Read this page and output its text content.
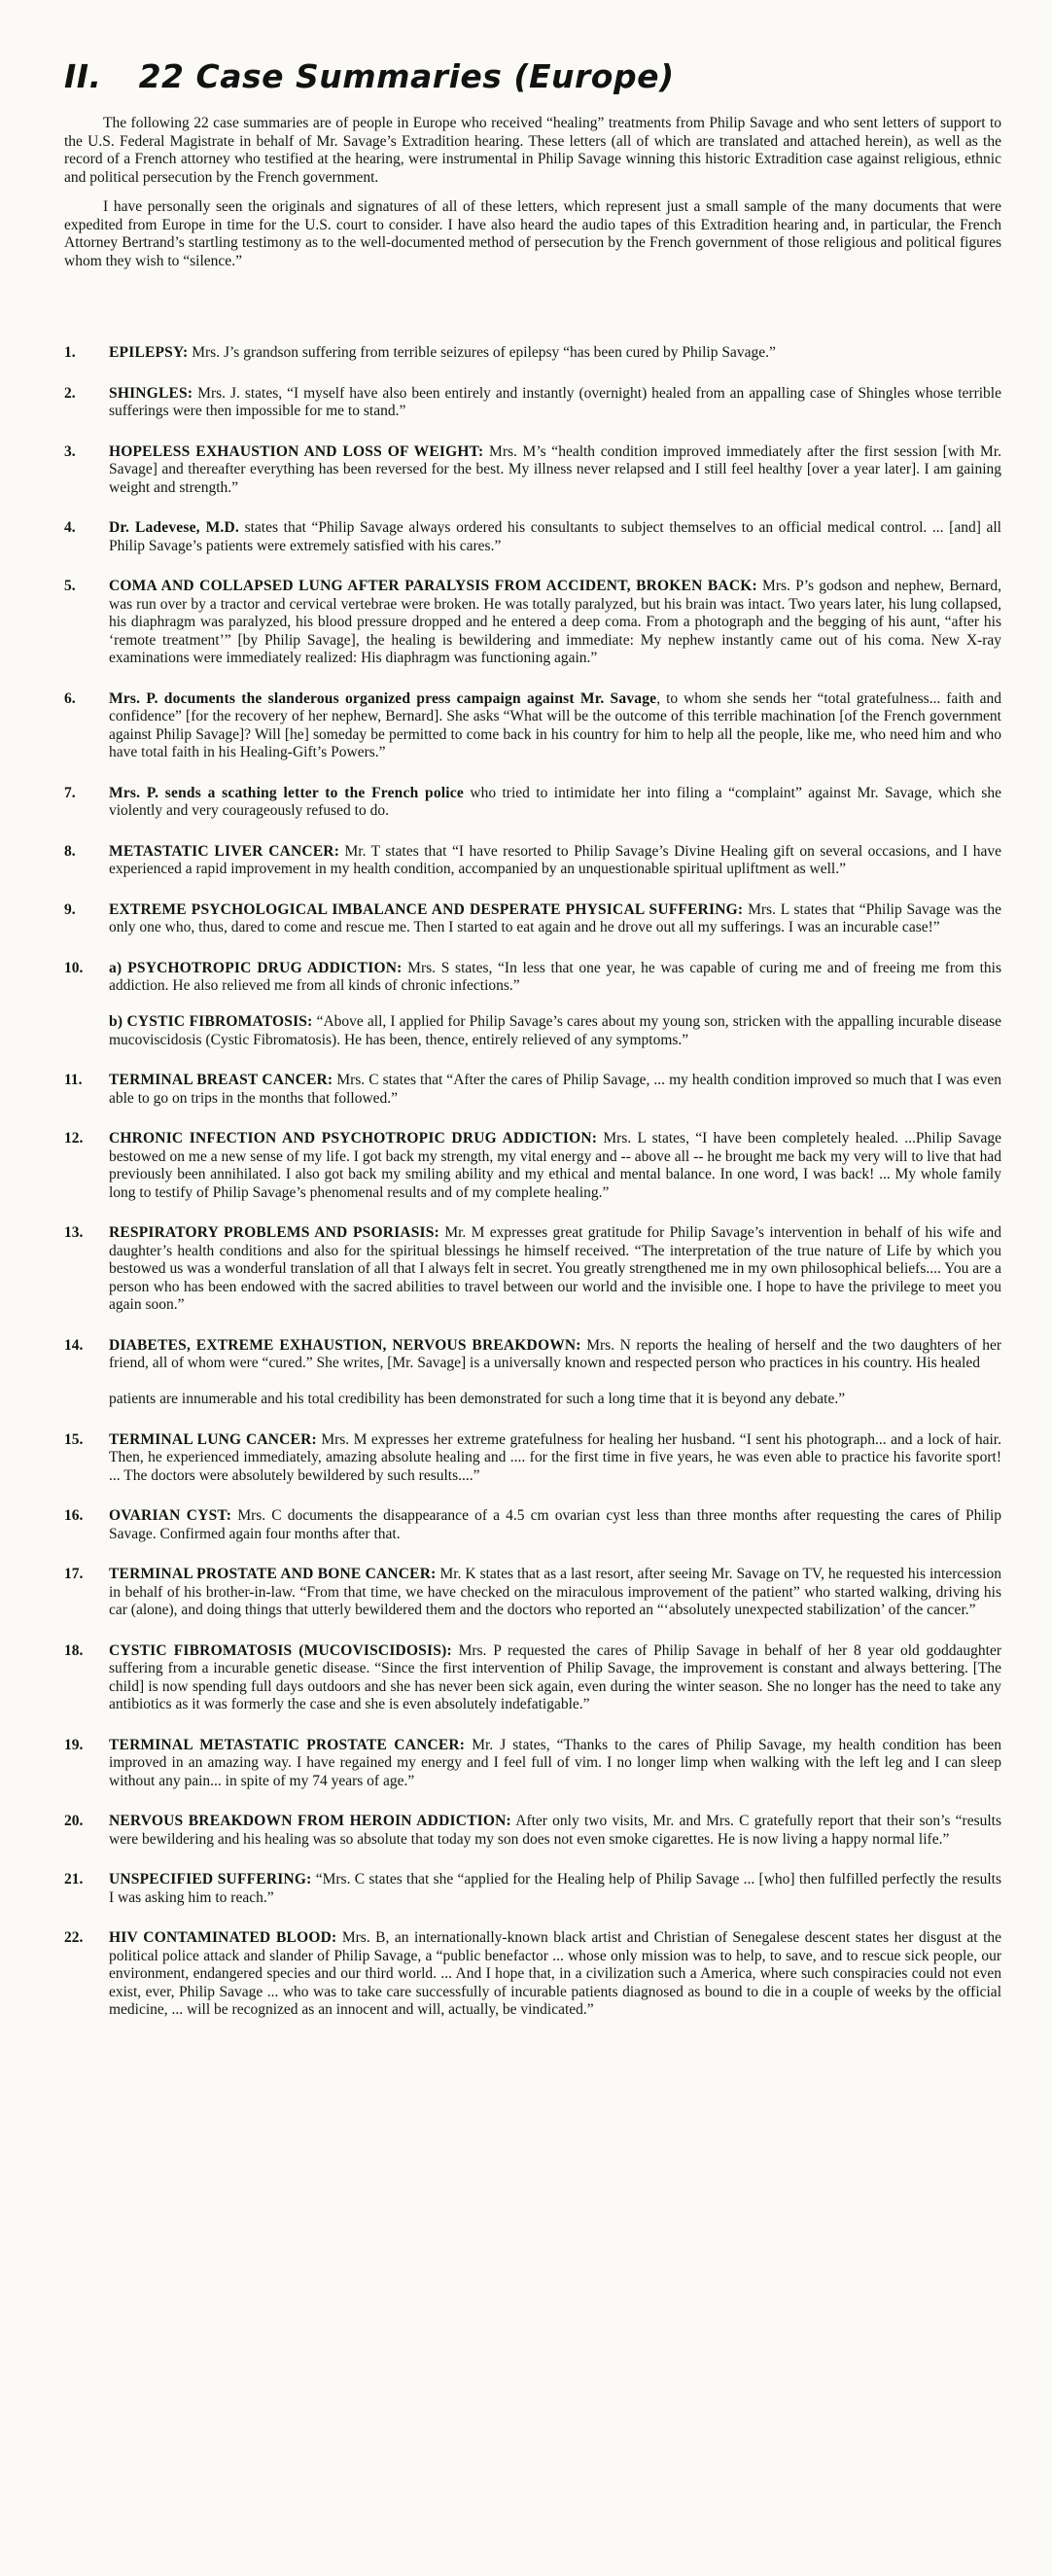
II. 22 Case Summaries (Europe)

The following 22 case summaries are of people in Europe who received “healing” treatments from Philip Savage and who sent letters of support to the U.S. Federal Magistrate in behalf of Mr. Savage’s Extradition hearing. These letters (all of which are translated and attached herein), as well as the record of a French attorney who testified at the hearing, were instrumental in Philip Savage winning this historic Extradition case against religious, ethnic and political persecution by the French government.

I have personally seen the originals and signatures of all of these letters, which represent just a small sample of the many documents that were expedited from Europe in time for the U.S. court to consider. I have also heard the audio tapes of this Extradition hearing and, in particular, the French Attorney Bertrand’s startling testimony as to the well-documented method of persecution by the French government of those religious and political figures whom they wish to “silence.”

1. EPILEPSY: Mrs. J’s grandson suffering from terrible seizures of epilepsy “has been cured by Philip Savage.”

2. SHINGLES: Mrs. J. states, “I myself have also been entirely and instantly (overnight) healed from an appalling case of Shingles whose terrible sufferings were then impossible for me to stand.”

3. HOPELESS EXHAUSTION AND LOSS OF WEIGHT: Mrs. M’s “health condition improved immediately after the first session [with Mr. Savage] and thereafter everything has been reversed for the best. My illness never relapsed and I still feel healthy [over a year later]. I am gaining weight and strength.”

4. Dr. Ladevese, M.D. states that “Philip Savage always ordered his consultants to subject themselves to an official medical control. ... [and] all Philip Savage’s patients were extremely satisfied with his cares.”

5. COMA AND COLLAPSED LUNG AFTER PARALYSIS FROM ACCIDENT, BROKEN BACK: Mrs. P’s godson and nephew, Bernard, was run over by a tractor and cervical vertebrae were broken. He was totally paralyzed, but his brain was intact. Two years later, his lung collapsed, his diaphragm was paralyzed, his blood pressure dropped and he entered a deep coma. From a photograph and the begging of his aunt, “after his ‘remote treatment’” [by Philip Savage], the healing is bewildering and immediate: My nephew instantly came out of his coma. New X-ray examinations were immediately realized: His diaphragm was functioning again.”

6. Mrs. P. documents the slanderous organized press campaign against Mr. Savage, to whom she sends her “total gratefulness... faith and confidence” [for the recovery of her nephew, Bernard]. She asks “What will be the outcome of this terrible machination [of the French government against Philip Savage]? Will [he] someday be permitted to come back in his country for him to help all the people, like me, who need him and who have total faith in his Healing-Gift’s Powers.”

7. Mrs. P. sends a scathing letter to the French police who tried to intimidate her into filing a “complaint” against Mr. Savage, which she violently and very courageously refused to do.

8. METASTATIC LIVER CANCER: Mr. T states that “I have resorted to Philip Savage’s Divine Healing gift on several occasions, and I have experienced a rapid improvement in my health condition, accompanied by an unquestionable spiritual upliftment as well.”

9. EXTREME PSYCHOLOGICAL IMBALANCE AND DESPERATE PHYSICAL SUFFERING: Mrs. L states that “Philip Savage was the only one who, thus, dared to come and rescue me. Then I started to eat again and he drove out all my sufferings. I was an incurable case!”

10. a) PSYCHOTROPIC DRUG ADDICTION: Mrs. S states, “In less that one year, he was capable of curing me and of freeing me from this addiction. He also relieved me from all kinds of chronic infections.”

b) CYSTIC FIBROMATOSIS: “Above all, I applied for Philip Savage’s cares about my young son, stricken with the appalling incurable disease mucoviscidosis (Cystic Fibromatosis). He has been, thence, entirely relieved of any symptoms.”

11. TERMINAL BREAST CANCER: Mrs. C states that “After the cares of Philip Savage, ... my health condition improved so much that I was even able to go on trips in the months that followed.”

12. CHRONIC INFECTION AND PSYCHOTROPIC DRUG ADDICTION: Mrs. L states, “I have been completely healed. ...Philip Savage bestowed on me a new sense of my life. I got back my strength, my vital energy and -- above all -- he brought me back my very will to live that had previously been annihilated. I also got back my smiling ability and my ethical and mental balance. In one word, I was back! ... My whole family long to testify of Philip Savage’s phenomenal results and of my complete healing.”

13. RESPIRATORY PROBLEMS AND PSORIASIS: Mr. M expresses great gratitude for Philip Savage’s intervention in behalf of his wife and daughter’s health conditions and also for the spiritual blessings he himself received. “The interpretation of the true nature of Life by which you bestowed us was a wonderful translation of all that I always felt in secret. You greatly strengthened me in my own philosophical beliefs.... You are a person who has been endowed with the sacred abilities to travel between our world and the invisible one. I hope to have the privilege to meet you again soon.”

14. DIABETES, EXTREME EXHAUSTION, NERVOUS BREAKDOWN: Mrs. N reports the healing of herself and the two daughters of her friend, all of whom were “cured.” She writes, [Mr. Savage] is a universally known and respected person who practices in his country. His healed

patients are innumerable and his total credibility has been demonstrated for such a long time that it is beyond any debate.”

15. TERMINAL LUNG CANCER: Mrs. M expresses her extreme gratefulness for healing her husband. “I sent his photograph... and a lock of hair. Then, he experienced immediately, amazing absolute healing and .... for the first time in five years, he was even able to practice his favorite sport! ... The doctors were absolutely bewildered by such results....”

16. OVARIAN CYST: Mrs. C documents the disappearance of a 4.5 cm ovarian cyst less than three months after requesting the cares of Philip Savage. Confirmed again four months after that.

17. TERMINAL PROSTATE AND BONE CANCER: Mr. K states that as a last resort, after seeing Mr. Savage on TV, he requested his intercession in behalf of his brother-in-law. “From that time, we have checked on the miraculous improvement of the patient” who started walking, driving his car (alone), and doing things that utterly bewildered them and the doctors who reported an “‘absolutely unexpected stabilization’ of the cancer.”

18. CYSTIC FIBROMATOSIS (MUCOVISCIDOSIS): Mrs. P requested the cares of Philip Savage in behalf of her 8 year old goddaughter suffering from a incurable genetic disease. “Since the first intervention of Philip Savage, the improvement is constant and always bettering. [The child] is now spending full days outdoors and she has never been sick again, even during the winter season. She no longer has the need to take any antibiotics as it was formerly the case and she is even absolutely indefatigable.”

19. TERMINAL METASTATIC PROSTATE CANCER: Mr. J states, “Thanks to the cares of Philip Savage, my health condition has been improved in an amazing way. I have regained my energy and I feel full of vim. I no longer limp when walking with the left leg and I can sleep without any pain... in spite of my 74 years of age.”

20. NERVOUS BREAKDOWN FROM HEROIN ADDICTION: After only two visits, Mr. and Mrs. C gratefully report that their son’s “results were bewildering and his healing was so absolute that today my son does not even smoke cigarettes. He is now living a happy normal life.”

21. UNSPECIFIED SUFFERING: “Mrs. C states that she “applied for the Healing help of Philip Savage ... [who] then fulfilled perfectly the results I was asking him to reach.”

22. HIV CONTAMINATED BLOOD: Mrs. B, an internationally-known black artist and Christian of Senegalese descent states her disgust at the political police attack and slander of Philip Savage, a “public benefactor ... whose only mission was to help, to save, and to rescue sick people, our environment, endangered species and our third world. ... And I hope that, in a civilization such a America, where such conspiracies could not even exist, ever, Philip Savage ... who was to take care successfully of incurable patients diagnosed as bound to die in a couple of weeks by the official medicine, ... will be recognized as an innocent and will, actually, be vindicated.”
